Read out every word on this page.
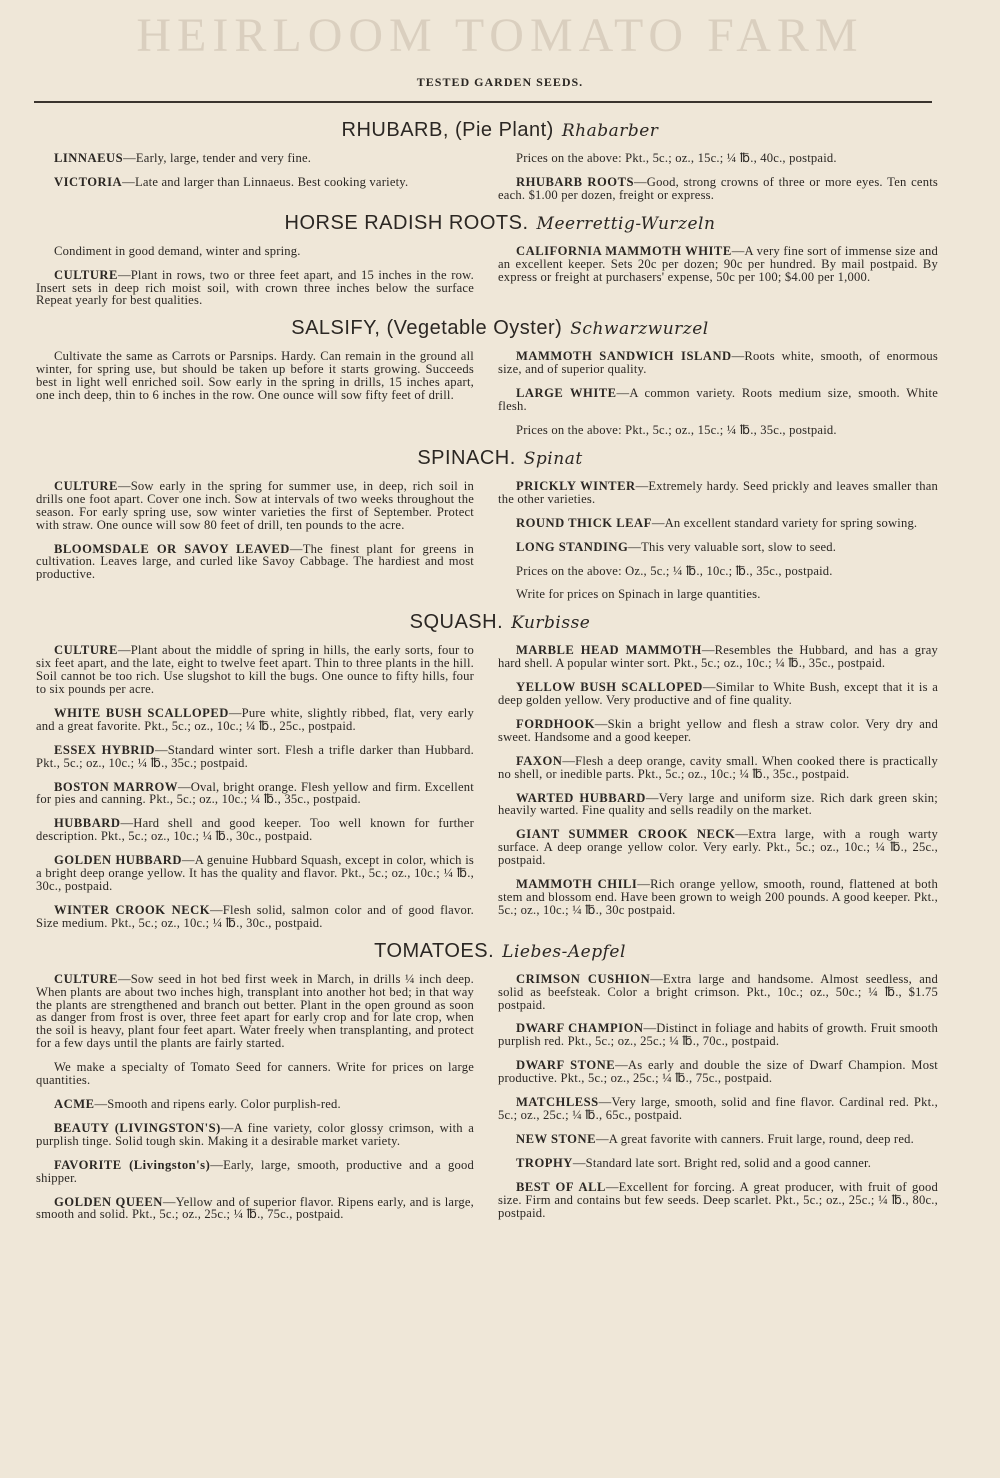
HEIRLOOM TOMATO FARM
TESTED GARDEN SEEDS.
RHUBARB, (Pie Plant) Rhabarber
LINNAEUS—Early, large, tender and very fine.
VICTORIA—Late and larger than Linnaeus. Best cooking variety.
Prices on the above: Pkt., 5c.; oz., 15c.; ¼ ℔., 40c., postpaid.
RHUBARB ROOTS—Good, strong crowns of three or more eyes. Ten cents each. $1.00 per dozen, freight or express.
HORSE RADISH ROOTS. Meerrettig-Wurzeln
Condiment in good demand, winter and spring.
CULTURE—Plant in rows, two or three feet apart, and 15 inches in the row. Insert sets in deep rich moist soil, with crown three inches below the surface Repeat yearly for best qualities.
CALIFORNIA MAMMOTH WHITE—A very fine sort of immense size and an excellent keeper. Sets 20c per dozen; 90c per hundred. By mail postpaid. By express or freight at purchasers' expense, 50c per 100; $4.00 per 1,000.
SALSIFY, (Vegetable Oyster) Schwarzwurzel
Cultivate the same as Carrots or Parsnips. Hardy. Can remain in the ground all winter, for spring use, but should be taken up before it starts growing. Succeeds best in light well enriched soil. Sow early in the spring in drills, 15 inches apart, one inch deep, thin to 6 inches in the row. One ounce will sow fifty feet of drill.
MAMMOTH SANDWICH ISLAND—Roots white, smooth, of enormous size, and of superior quality.
LARGE WHITE—A common variety. Roots medium size, smooth. White flesh.
Prices on the above: Pkt., 5c.; oz., 15c.; ¼ ℔., 35c., postpaid.
SPINACH. Spinat
CULTURE—Sow early in the spring for summer use, in deep, rich soil in drills one foot apart. Cover one inch. Sow at intervals of two weeks throughout the season. For early spring use, sow winter varieties the first of September. Protect with straw. One ounce will sow 80 feet of drill, ten pounds to the acre.
BLOOMSDALE OR SAVOY LEAVED—The finest plant for greens in cultivation. Leaves large, and curled like Savoy Cabbage. The hardiest and most productive.
PRICKLY WINTER—Extremely hardy. Seed prickly and leaves smaller than the other varieties.
ROUND THICK LEAF—An excellent standard variety for spring sowing.
LONG STANDING—This very valuable sort, slow to seed.
Prices on the above: Oz., 5c.; ¼ ℔., 10c.; ℔., 35c., postpaid.
Write for prices on Spinach in large quantities.
SQUASH. Kurbisse
CULTURE—Plant about the middle of spring in hills, the early sorts, four to six feet apart, and the late, eight to twelve feet apart. Thin to three plants in the hill. Soil cannot be too rich. Use slugshot to kill the bugs. One ounce to fifty hills, four to six pounds per acre.
WHITE BUSH SCALLOPED—Pure white, slightly ribbed, flat, very early and a great favorite. Pkt., 5c.; oz., 10c.; ¼ ℔., 25c., postpaid.
ESSEX HYBRID—Standard winter sort. Flesh a trifle darker than Hubbard. Pkt., 5c.; oz., 10c.; ¼ ℔., 35c.; postpaid.
BOSTON MARROW—Oval, bright orange. Flesh yellow and firm. Excellent for pies and canning. Pkt., 5c.; oz., 10c.; ¼ ℔., 35c., postpaid.
HUBBARD—Hard shell and good keeper. Too well known for further description. Pkt., 5c.; oz., 10c.; ¼ ℔., 30c., postpaid.
GOLDEN HUBBARD—A genuine Hubbard Squash, except in color, which is a bright deep orange yellow. It has the quality and flavor. Pkt., 5c.; oz., 10c.; ¼ ℔., 30c., postpaid.
WINTER CROOK NECK—Flesh solid, salmon color and of good flavor. Size medium. Pkt., 5c.; oz., 10c.; ¼ ℔., 30c., postpaid.
MARBLE HEAD MAMMOTH—Resembles the Hubbard, and has a gray hard shell. A popular winter sort. Pkt., 5c.; oz., 10c.; ¼ ℔., 35c., postpaid.
YELLOW BUSH SCALLOPED—Similar to White Bush, except that it is a deep golden yellow. Very productive and of fine quality.
FORDHOOK—Skin a bright yellow and flesh a straw color. Very dry and sweet. Handsome and a good keeper.
FAXON—Flesh a deep orange, cavity small. When cooked there is practically no shell, or inedible parts. Pkt., 5c.; oz., 10c.; ¼ ℔., 35c., postpaid.
WARTED HUBBARD—Very large and uniform size. Rich dark green skin; heavily warted. Fine quality and sells readily on the market.
GIANT SUMMER CROOK NECK—Extra large, with a rough warty surface. A deep orange yellow color. Very early. Pkt., 5c.; oz., 10c.; ¼ ℔., 25c., postpaid.
MAMMOTH CHILI—Rich orange yellow, smooth, round, flattened at both stem and blossom end. Have been grown to weigh 200 pounds. A good keeper. Pkt., 5c.; oz., 10c.; ¼ ℔., 30c postpaid.
TOMATOES. Liebes-Aepfel
CULTURE—Sow seed in hot bed first week in March, in drills ¼ inch deep. When plants are about two inches high, transplant into another hot bed; in that way the plants are strengthened and branch out better. Plant in the open ground as soon as danger from frost is over, three feet apart for early crop and for late crop, when the soil is heavy, plant four feet apart. Water freely when transplanting, and protect for a few days until the plants are fairly started.
We make a specialty of Tomato Seed for canners. Write for prices on large quantities.
ACME—Smooth and ripens early. Color purplish-red.
BEAUTY (LIVINGSTON'S)—A fine variety, color glossy crimson, with a purplish tinge. Solid tough skin. Making it a desirable market variety.
FAVORITE (Livingston's)—Early, large, smooth, productive and a good shipper.
GOLDEN QUEEN—Yellow and of superior flavor. Ripens early, and is large, smooth and solid. Pkt., 5c.; oz., 25c.; ¼ ℔., 75c., postpaid.
CRIMSON CUSHION—Extra large and handsome. Almost seedless, and solid as beefsteak. Color a bright crimson. Pkt., 10c.; oz., 50c.; ¼ ℔., $1.75 postpaid.
DWARF CHAMPION—Distinct in foliage and habits of growth. Fruit smooth purplish red. Pkt., 5c.; oz., 25c.; ¼ ℔., 70c., postpaid.
DWARF STONE—As early and double the size of Dwarf Champion. Most productive. Pkt., 5c.; oz., 25c.; ¼ ℔., 75c., postpaid.
MATCHLESS—Very large, smooth, solid and fine flavor. Cardinal red. Pkt., 5c.; oz., 25c.; ¼ ℔., 65c., postpaid.
NEW STONE—A great favorite with canners. Fruit large, round, deep red.
TROPHY—Standard late sort. Bright red, solid and a good canner.
BEST OF ALL—Excellent for forcing. A great producer, with fruit of good size. Firm and contains but few seeds. Deep scarlet. Pkt., 5c.; oz., 25c.; ¼ ℔., 80c., postpaid.
